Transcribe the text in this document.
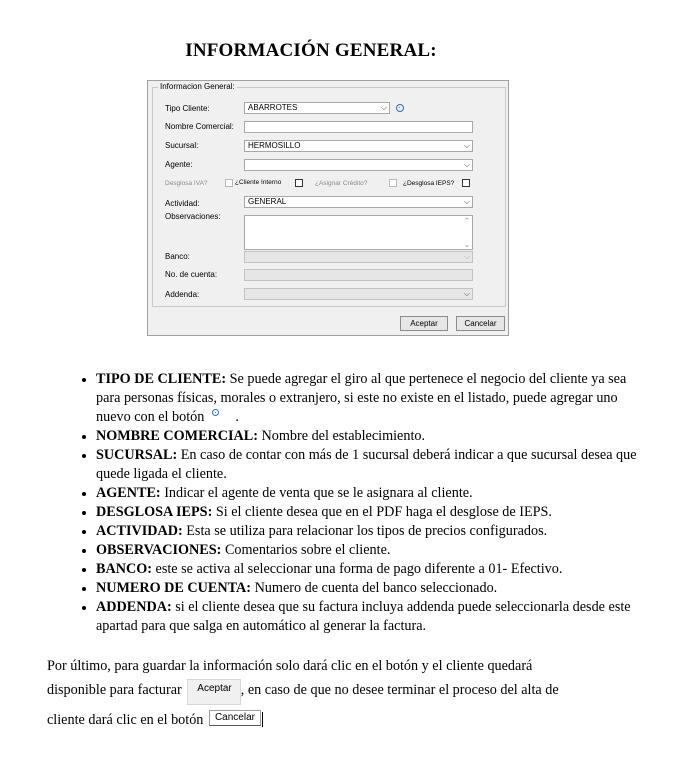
INFORMACIÓN GENERAL:
Informacion General:
Tipo Cliente:	ABARROTES	⌵
Nombre Comercial:
Sucursal:	HERMOSILLO	⌵
Agente:	⌵
Desglosa IVA?	¿Cliente Interno	¿Asignar Crédito?	¿Desglosa IEPS?
Actividad:	GENERAL	⌵
Observaciones:
⌃
⌄
Banco:	⌵
No. de cuenta:
Addenda:	⌵
Aceptar	Cancelar
• TIPO DE CLIENTE: Se puede agregar el giro al que pertenece el negocio del cliente ya sea para personas físicas, morales o extranjero, si este no existe en el listado, puede agregar uno nuevo con el botón .
• NOMBRE COMERCIAL: Nombre del establecimiento.
• SUCURSAL: En caso de contar con más de 1 sucursal deberá indicar a que sucursal desea que quede ligada el cliente.
• AGENTE: Indicar el agente de venta que se le asignara al cliente.
• DESGLOSA IEPS: Si el cliente desea que en el PDF haga el desglose de IEPS.
• ACTIVIDAD: Esta se utiliza para relacionar los tipos de precios configurados.
• OBSERVACIONES: Comentarios sobre el cliente.
• BANCO: este se activa al seleccionar una forma de pago diferente a 01- Efectivo.
• NUMERO DE CUENTA: Numero de cuenta del banco seleccionado.
• ADDENDA: si el cliente desea que su factura incluya addenda puede seleccionarla desde este apartad para que salga en automático al generar la factura.
Por último, para guardar la información solo dará clic en el botón y el cliente quedará
disponible para facturar Aceptar , en caso de que no desee terminar el proceso del alta de
cliente dará clic en el botón Cancelar
